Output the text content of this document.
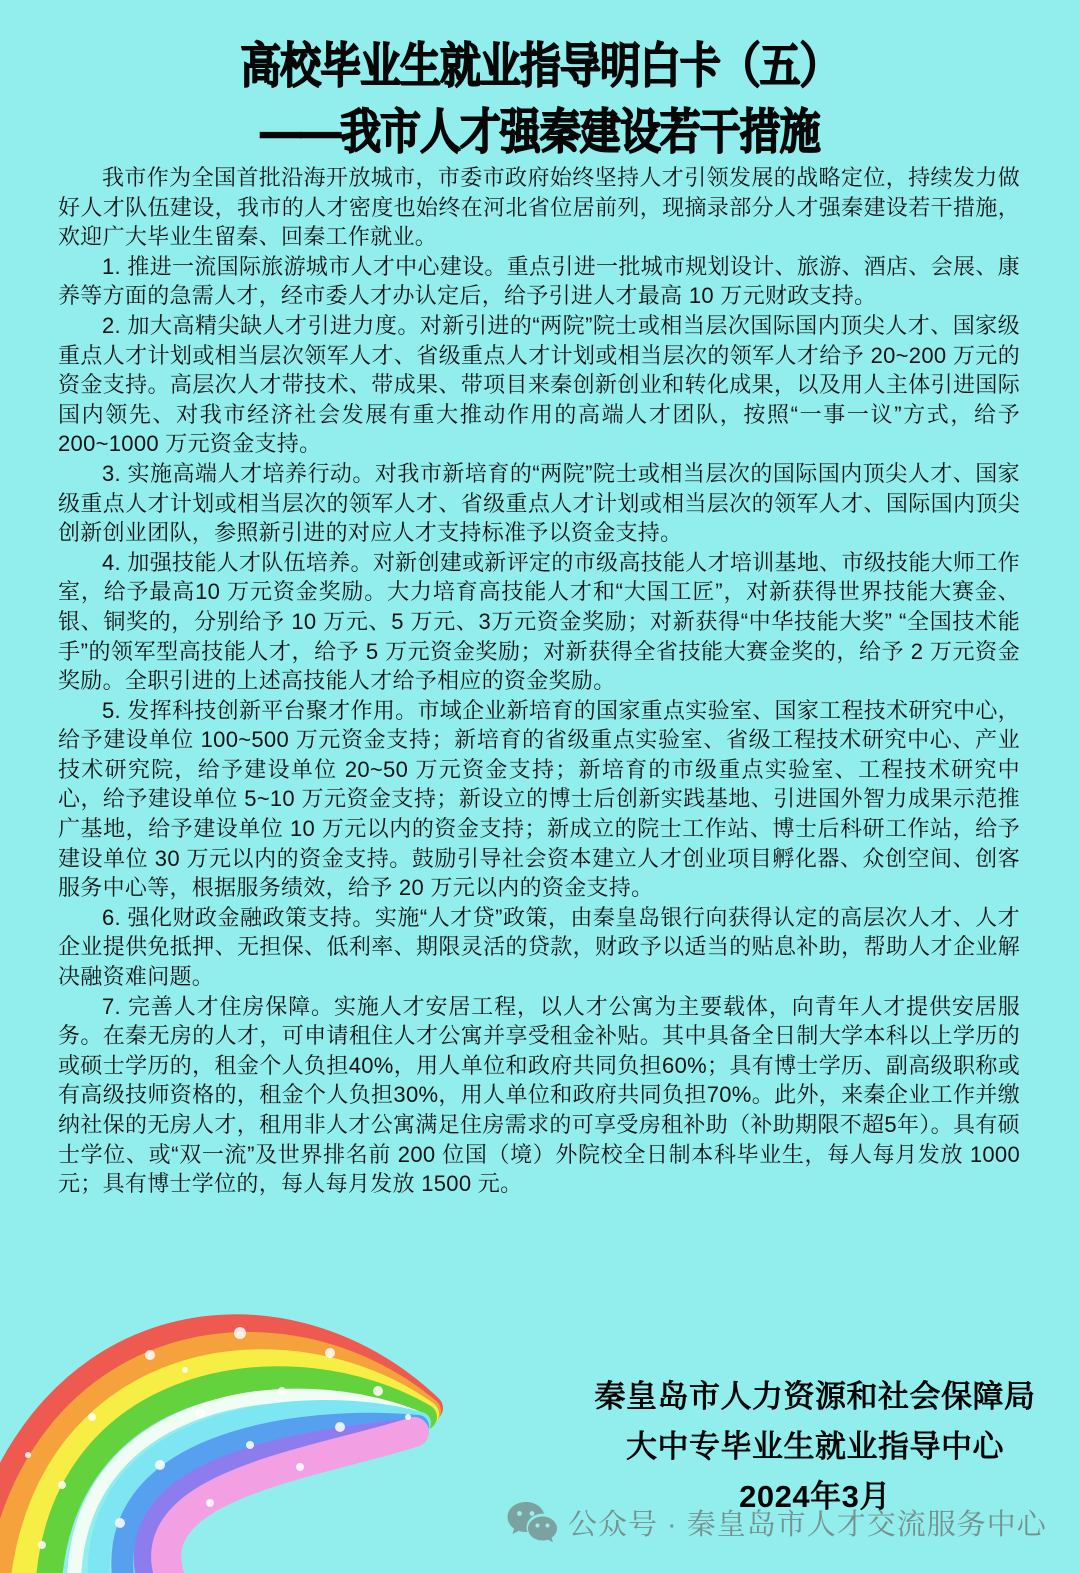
高校毕业生就业指导明白卡（五）
——我市人才强秦建设若干措施

我市作为全国首批沿海开放城市，市委市政府始终坚持人才引领发展的战略定位，持续发力做好人才队伍建设，我市的人才密度也始终在河北省位居前列，现摘录部分人才强秦建设若干措施，欢迎广大毕业生留秦、回秦工作就业。

1. 推进一流国际旅游城市人才中心建设。重点引进一批城市规划设计、旅游、酒店、会展、康养等方面的急需人才，经市委人才办认定后，给予引进人才最高 10 万元财政支持。

2. 加大高精尖缺人才引进力度。对新引进的“两院”院士或相当层次国际国内顶尖人才、国家级重点人才计划或相当层次领军人才、省级重点人才计划或相当层次的领军人才给予 20~200 万元的资金支持。高层次人才带技术、带成果、带项目来秦创新创业和转化成果，以及用人主体引进国际国内领先、对我市经济社会发展有重大推动作用的高端人才团队，按照“一事一议”方式，给予 200~1000 万元资金支持。

3. 实施高端人才培养行动。对我市新培育的“两院”院士或相当层次的国际国内顶尖人才、国家级重点人才计划或相当层次的领军人才、省级重点人才计划或相当层次的领军人才、国际国内顶尖创新创业团队，参照新引进的对应人才支持标准予以资金支持。

4. 加强技能人才队伍培养。对新创建或新评定的市级高技能人才培训基地、市级技能大师工作室，给予最高10 万元资金奖励。大力培育高技能人才和“大国工匠”，对新获得世界技能大赛金、银、铜奖的，分别给予 10 万元、5 万元、3万元资金奖励；对新获得“中华技能大奖” “全国技术能手”的领军型高技能人才，给予 5 万元资金奖励；对新获得全省技能大赛金奖的，给予 2 万元资金奖励。全职引进的上述高技能人才给予相应的资金奖励。

5. 发挥科技创新平台聚才作用。市域企业新培育的国家重点实验室、国家工程技术研究中心，给予建设单位 100~500 万元资金支持；新培育的省级重点实验室、省级工程技术研究中心、产业技术研究院，给予建设单位 20~50 万元资金支持；新培育的市级重点实验室、工程技术研究中心，给予建设单位 5~10 万元资金支持；新设立的博士后创新实践基地、引进国外智力成果示范推广基地，给予建设单位 10 万元以内的资金支持；新成立的院士工作站、博士后科研工作站，给予建设单位 30 万元以内的资金支持。鼓励引导社会资本建立人才创业项目孵化器、众创空间、创客服务中心等，根据服务绩效，给予 20 万元以内的资金支持。

6. 强化财政金融政策支持。实施“人才贷”政策，由秦皇岛银行向获得认定的高层次人才、人才企业提供免抵押、无担保、低利率、期限灵活的贷款，财政予以适当的贴息补助，帮助人才企业解决融资难问题。

7. 完善人才住房保障。实施人才安居工程，以人才公寓为主要载体，向青年人才提供安居服务。在秦无房的人才，可申请租住人才公寓并享受租金补贴。其中具备全日制大学本科以上学历的或硕士学历的，租金个人负担40%，用人单位和政府共同负担60%；具有博士学历、副高级职称或有高级技师资格的，租金个人负担30%，用人单位和政府共同负担70%。此外，来秦企业工作并缴纳社保的无房人才，租用非人才公寓满足住房需求的可享受房租补助（补助期限不超5年）。具有硕士学位、或“双一流”及世界排名前 200 位国（境）外院校全日制本科毕业生，每人每月发放 1000 元；具有博士学位的，每人每月发放 1500 元。

秦皇岛市人力资源和社会保障局
大中专毕业生就业指导中心
2024年3月
公众号 · 秦皇岛市人才交流服务中心
